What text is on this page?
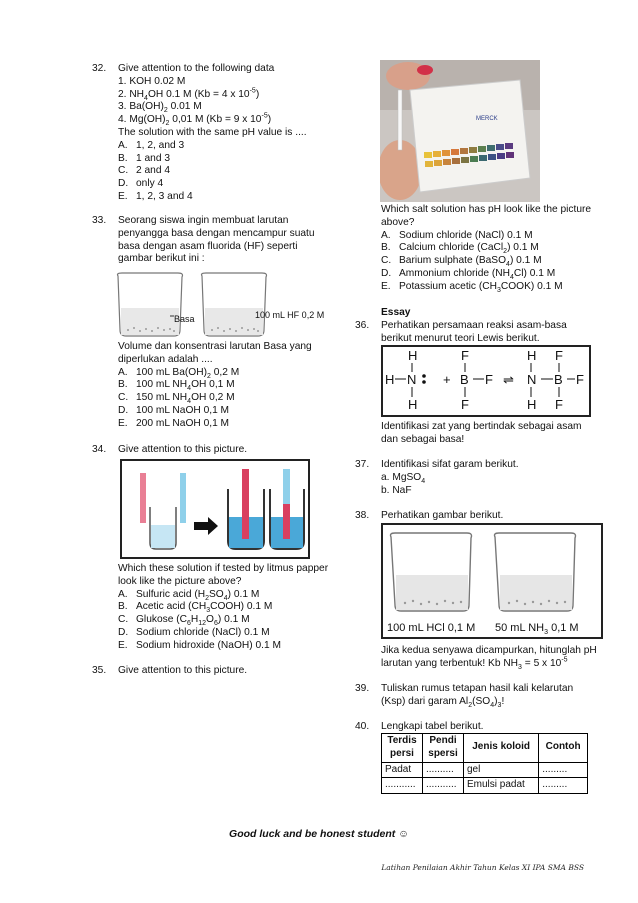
32.	Give attention to the following data
1. KOH 0.02 M
2. $NH_4OH$ 0.1 M (Kb = 4 x $10^{-5}$)
3. $Ba(OH)_2$ 0.01 M
4. $Mg(OH)_2$ 0,01 M (Kb = 9 x $10^{-5}$)
The solution with the same pH value is ....
A. 1, 2, and 3
B. 1 and 3
C. 2 and 4
D. only 4
E. 1, 2, 3 and 4
33.	Seorang siswa ingin membuat larutan
penyangga basa dengan mencampur suatu
basa dengan asam fluorida (HF) seperti
gambar berikut ini :
Basa	100 mL HF 0,2 M
Volume dan konsentrasi larutan Basa yang
diperlukan adalah ....
A. 100 mL $Ba(OH)_2$ 0,2 M
B. 100 mL $NH_4OH$ 0,1 M
C. 150 mL $NH_4OH$ 0,2 M
D. 100 mL NaOH 0,1 M
E. 200 mL NaOH 0,1 M
34.	Give attention to this picture.
Which these solution if tested by litmus papper
look like the picture above?
A. Sulfuric acid $(H_2SO_4)$ 0.1 M
B. Acetic acid $(CH_3COOH)$ 0.1 M
C. Glukose $(C_6H_{12}O_6)$ 0.1 M
D. Sodium chloride (NaCl) 0.1 M
E. Sodium hidroxide (NaOH) 0.1 M
35.	Give attention to this picture.
MERCK
Which salt solution has pH look like the picture
above?
A. Sodium chloride (NaCl) 0.1 M
B. Calcium chloride (CaCl$_2$) 0.1 M
C. Barium sulphate (BaSO$_4$) 0.1 M
D. Ammonium chloride $(NH_4Cl)$ 0.1 M
E. Potassium acetic $(CH_3COOK)$ 0.1 M
Essay
36.	Perhatikan persamaan reaksi asam-basa
berikut menurut teori Lewis berikut.
H
H N
H
+
F
B
F
F ⇌
H
N
H
F
B
F
F
Identifikasi zat yang bertindak sebagai asam
dan sebagai basa!
37.	Identifikasi sifat garam berikut.
a. MgSO$_4$
b. NaF
38.	Perhatikan gambar berikut.
100 mL HCl 0,1 M 50 mL $NH_3$ 0,1 M
Jika kedua senyawa dicampurkan, hitunglah pH
larutan yang terbentuk! Kb $NH_3 = 5$ x $10^{-5}$
39.	Tuliskan rumus tetapan hasil kali kelarutan
(Ksp) dari garam $Al_2(SO_4)_3$!
40.	Lengkapi tabel berikut.
Terdis persi	Pendi spersi	Jenis koloid	Contoh
Padat	..........	gel	.........
...........	...........	Emulsi padat	.........
Good luck and be honest student ☺
Latihan Penilaian Akhir Tahun Kelas XI IPA SMA BSS
